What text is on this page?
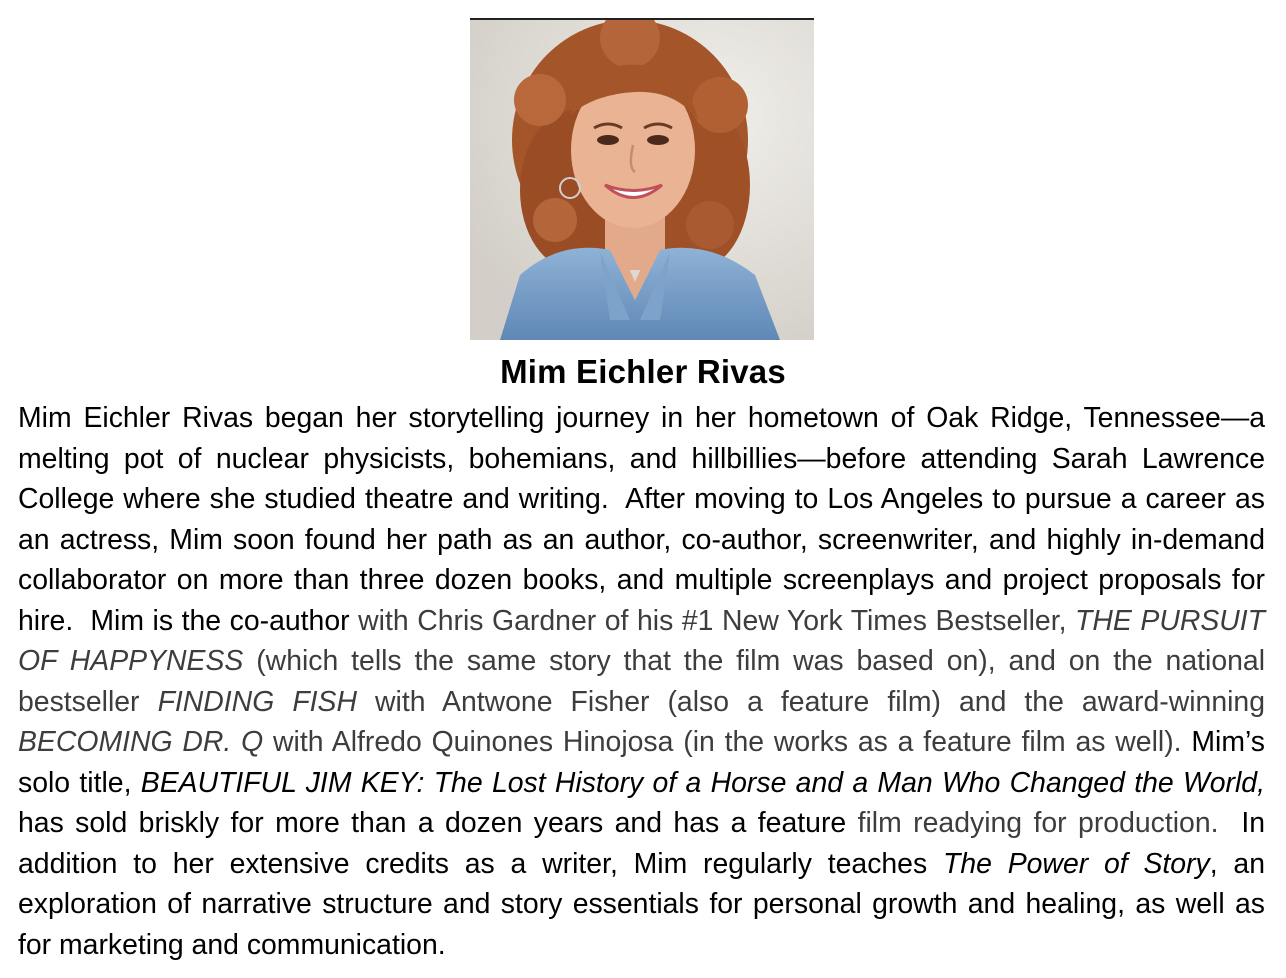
Mim Eichler Rivas

Mim Eichler Rivas began her storytelling journey in her hometown of Oak Ridge, Tennessee—a melting pot of nuclear physicists, bohemians, and hillbillies—before attending Sarah Lawrence College where she studied theatre and writing.  After moving to Los Angeles to pursue a career as an actress, Mim soon found her path as an author, co-author, screenwriter, and highly in-demand collaborator on more than three dozen books, and multiple screenplays and project proposals for hire.  Mim is the co-author with Chris Gardner of his #1 New York Times Bestseller, THE PURSUIT OF HAPPYNESS (which tells the same story that the film was based on), and on the national bestseller FINDING FISH with Antwone Fisher (also a feature film) and the award-winning BECOMING DR. Q with Alfredo Quinones Hinojosa (in the works as a feature film as well). Mim’s solo title, BEAUTIFUL JIM KEY: The Lost History of a Horse and a Man Who Changed the World, has sold briskly for more than a dozen years and has a feature film readying for production.  In addition to her extensive credits as a writer, Mim regularly teaches The Power of Story, an exploration of narrative structure and story essentials for personal growth and healing, as well as for marketing and communication.
